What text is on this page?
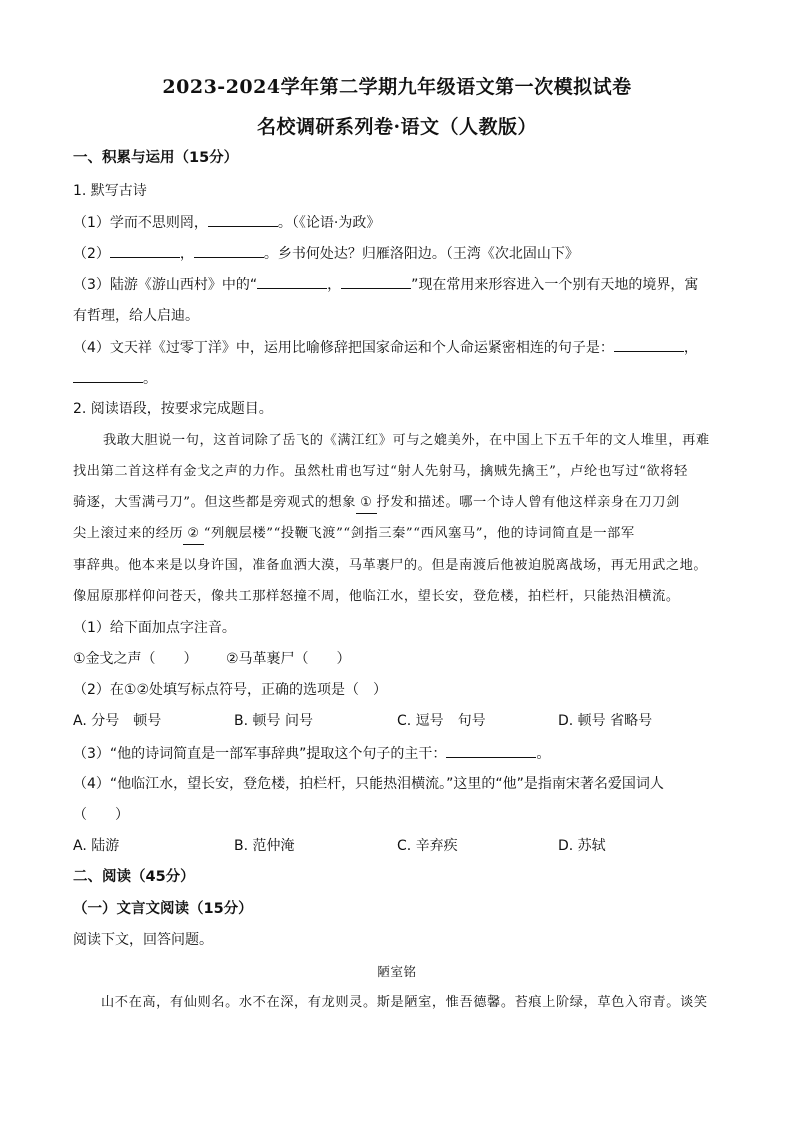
2023-2024学年第二学期九年级语文第一次模拟试卷
名校调研系列卷·语文（人教版）
一、积累与运用（15分）
1. 默写古诗
（1）学而不思则罔，	。（《论语·为政》
（2）	，	。乡书何处达？归雁洛阳边。（王湾《次北固山下》
（3）陆游《游山西村》中的“	，	”现在常用来形容进入一个别有天地的境界，寓
有哲理，给人启迪。
（4）文天祥《过零丁洋》中，运用比喻修辞把国家命运和个人命运紧密相连的句子是：	，
。
2. 阅读语段，按要求完成题目。
我敢大胆说一句，这首词除了岳飞的《满江红》可与之媲美外，在中国上下五千年的文人堆里，再难
找出第二首这样有金戈之声的力作。虽然杜甫也写过“射人先射马，擒贼先擒王”，卢纶也写过“欲将轻
骑逐，大雪满弓刀”。但这些都是旁观式的想象 ① 抒发和描述。哪一个诗人曾有他这样亲身在刀刀剑
尖上滚过来的经历 ② “列舰层楼”“投鞭飞渡”“剑指三秦”“西风塞马”，他的诗词简直是一部军
事辞典。他本来是以身许国，准备血洒大漠，马革裹尸的。但是南渡后他被迫脱离战场，再无用武之地。
像屈原那样仰问苍天，像共工那样怒撞不周，他临江水，望长安，登危楼，拍栏杆，只能热泪横流。
（1）给下面加点字注音。
①金戈之声（　　） ②马革裹尸（　　）
（2）在①②处填写标点符号，正确的选项是（　）
A. 分号　顿号	B. 顿号 问号	C. 逗号　句号	D. 顿号 省略号
（3）“他的诗词简直是一部军事辞典”提取这个句子的主干：	。
（4）“他临江水，望长安，登危楼，拍栏杆，只能热泪横流。”这里的“他”是指南宋著名爱国词人
（　　）
A. 陆游	B. 范仲淹	C. 辛弃疾	D. 苏轼
二、阅读（45分）
（一）文言文阅读（15分）
阅读下文，回答问题。
陋室铭
山不在高，有仙则名。水不在深，有龙则灵。斯是陋室，惟吾德馨。苔痕上阶绿，草色入帘青。谈笑
